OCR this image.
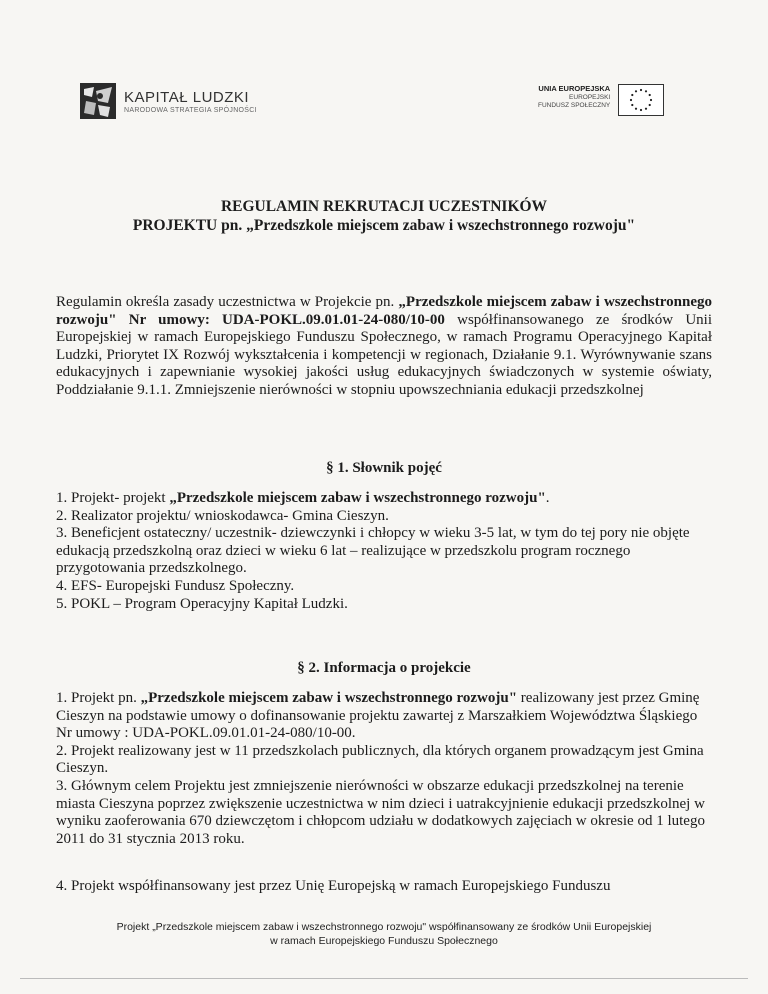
KAPITAŁ LUDZKI
NARODOWA STRATEGIA SPÓJNOŚCI
UNIA EUROPEJSKA
EUROPEJSKI
FUNDUSZ SPOŁECZNY
REGULAMIN REKRUTACJI UCZESTNIKÓW
PROJEKTU pn. „Przedszkole miejscem zabaw i wszechstronnego rozwoju"
Regulamin określa zasady uczestnictwa w Projekcie pn. „Przedszkole miejscem zabaw i wszechstronnego rozwoju" Nr umowy: UDA-POKL.09.01.01-24-080/10-00 współfinansowanego ze środków Unii Europejskiej w ramach Europejskiego Funduszu Społecznego, w ramach Programu Operacyjnego Kapitał Ludzki, Priorytet IX Rozwój wykształcenia i kompetencji w regionach, Działanie 9.1. Wyrównywanie szans edukacyjnych i zapewnianie wysokiej jakości usług edukacyjnych świadczonych w systemie oświaty, Poddziałanie 9.1.1. Zmniejszenie nierówności w stopniu upowszechniania edukacji przedszkolnej
§ 1. Słownik pojęć
1. Projekt- projekt „Przedszkole miejscem zabaw i wszechstronnego rozwoju".
2. Realizator projektu/ wnioskodawca- Gmina Cieszyn.
3. Beneficjent ostateczny/ uczestnik- dziewczynki i chłopcy w wieku 3-5 lat, w tym do tej pory nie objęte edukacją przedszkolną oraz dzieci w wieku 6 lat – realizujące w przedszkolu program rocznego przygotowania przedszkolnego.
4. EFS- Europejski Fundusz Społeczny.
5. POKL – Program Operacyjny Kapitał Ludzki.
§ 2. Informacja o projekcie
1. Projekt pn. „Przedszkole miejscem zabaw i wszechstronnego rozwoju" realizowany jest przez Gminę Cieszyn na podstawie umowy o dofinansowanie projektu zawartej z Marszałkiem Województwa Śląskiego Nr umowy : UDA-POKL.09.01.01-24-080/10-00.
2. Projekt realizowany jest w 11 przedszkolach publicznych, dla których organem prowadzącym jest Gmina Cieszyn.
3. Głównym celem Projektu jest zmniejszenie nierówności w obszarze edukacji przedszkolnej na terenie miasta Cieszyna poprzez zwiększenie uczestnictwa w nim dzieci i uatrakcyjnienie edukacji przedszkolnej w wyniku zaoferowania 670 dziewczętom i chłopcom udziału w dodatkowych zajęciach w okresie od 1 lutego 2011 do 31 stycznia 2013 roku.
4. Projekt współfinansowany jest przez Unię Europejską w ramach Europejskiego Funduszu
Projekt „Przedszkole miejscem zabaw i wszechstronnego rozwoju" współfinansowany ze środków Unii Europejskiej
w ramach Europejskiego Funduszu Społecznego
